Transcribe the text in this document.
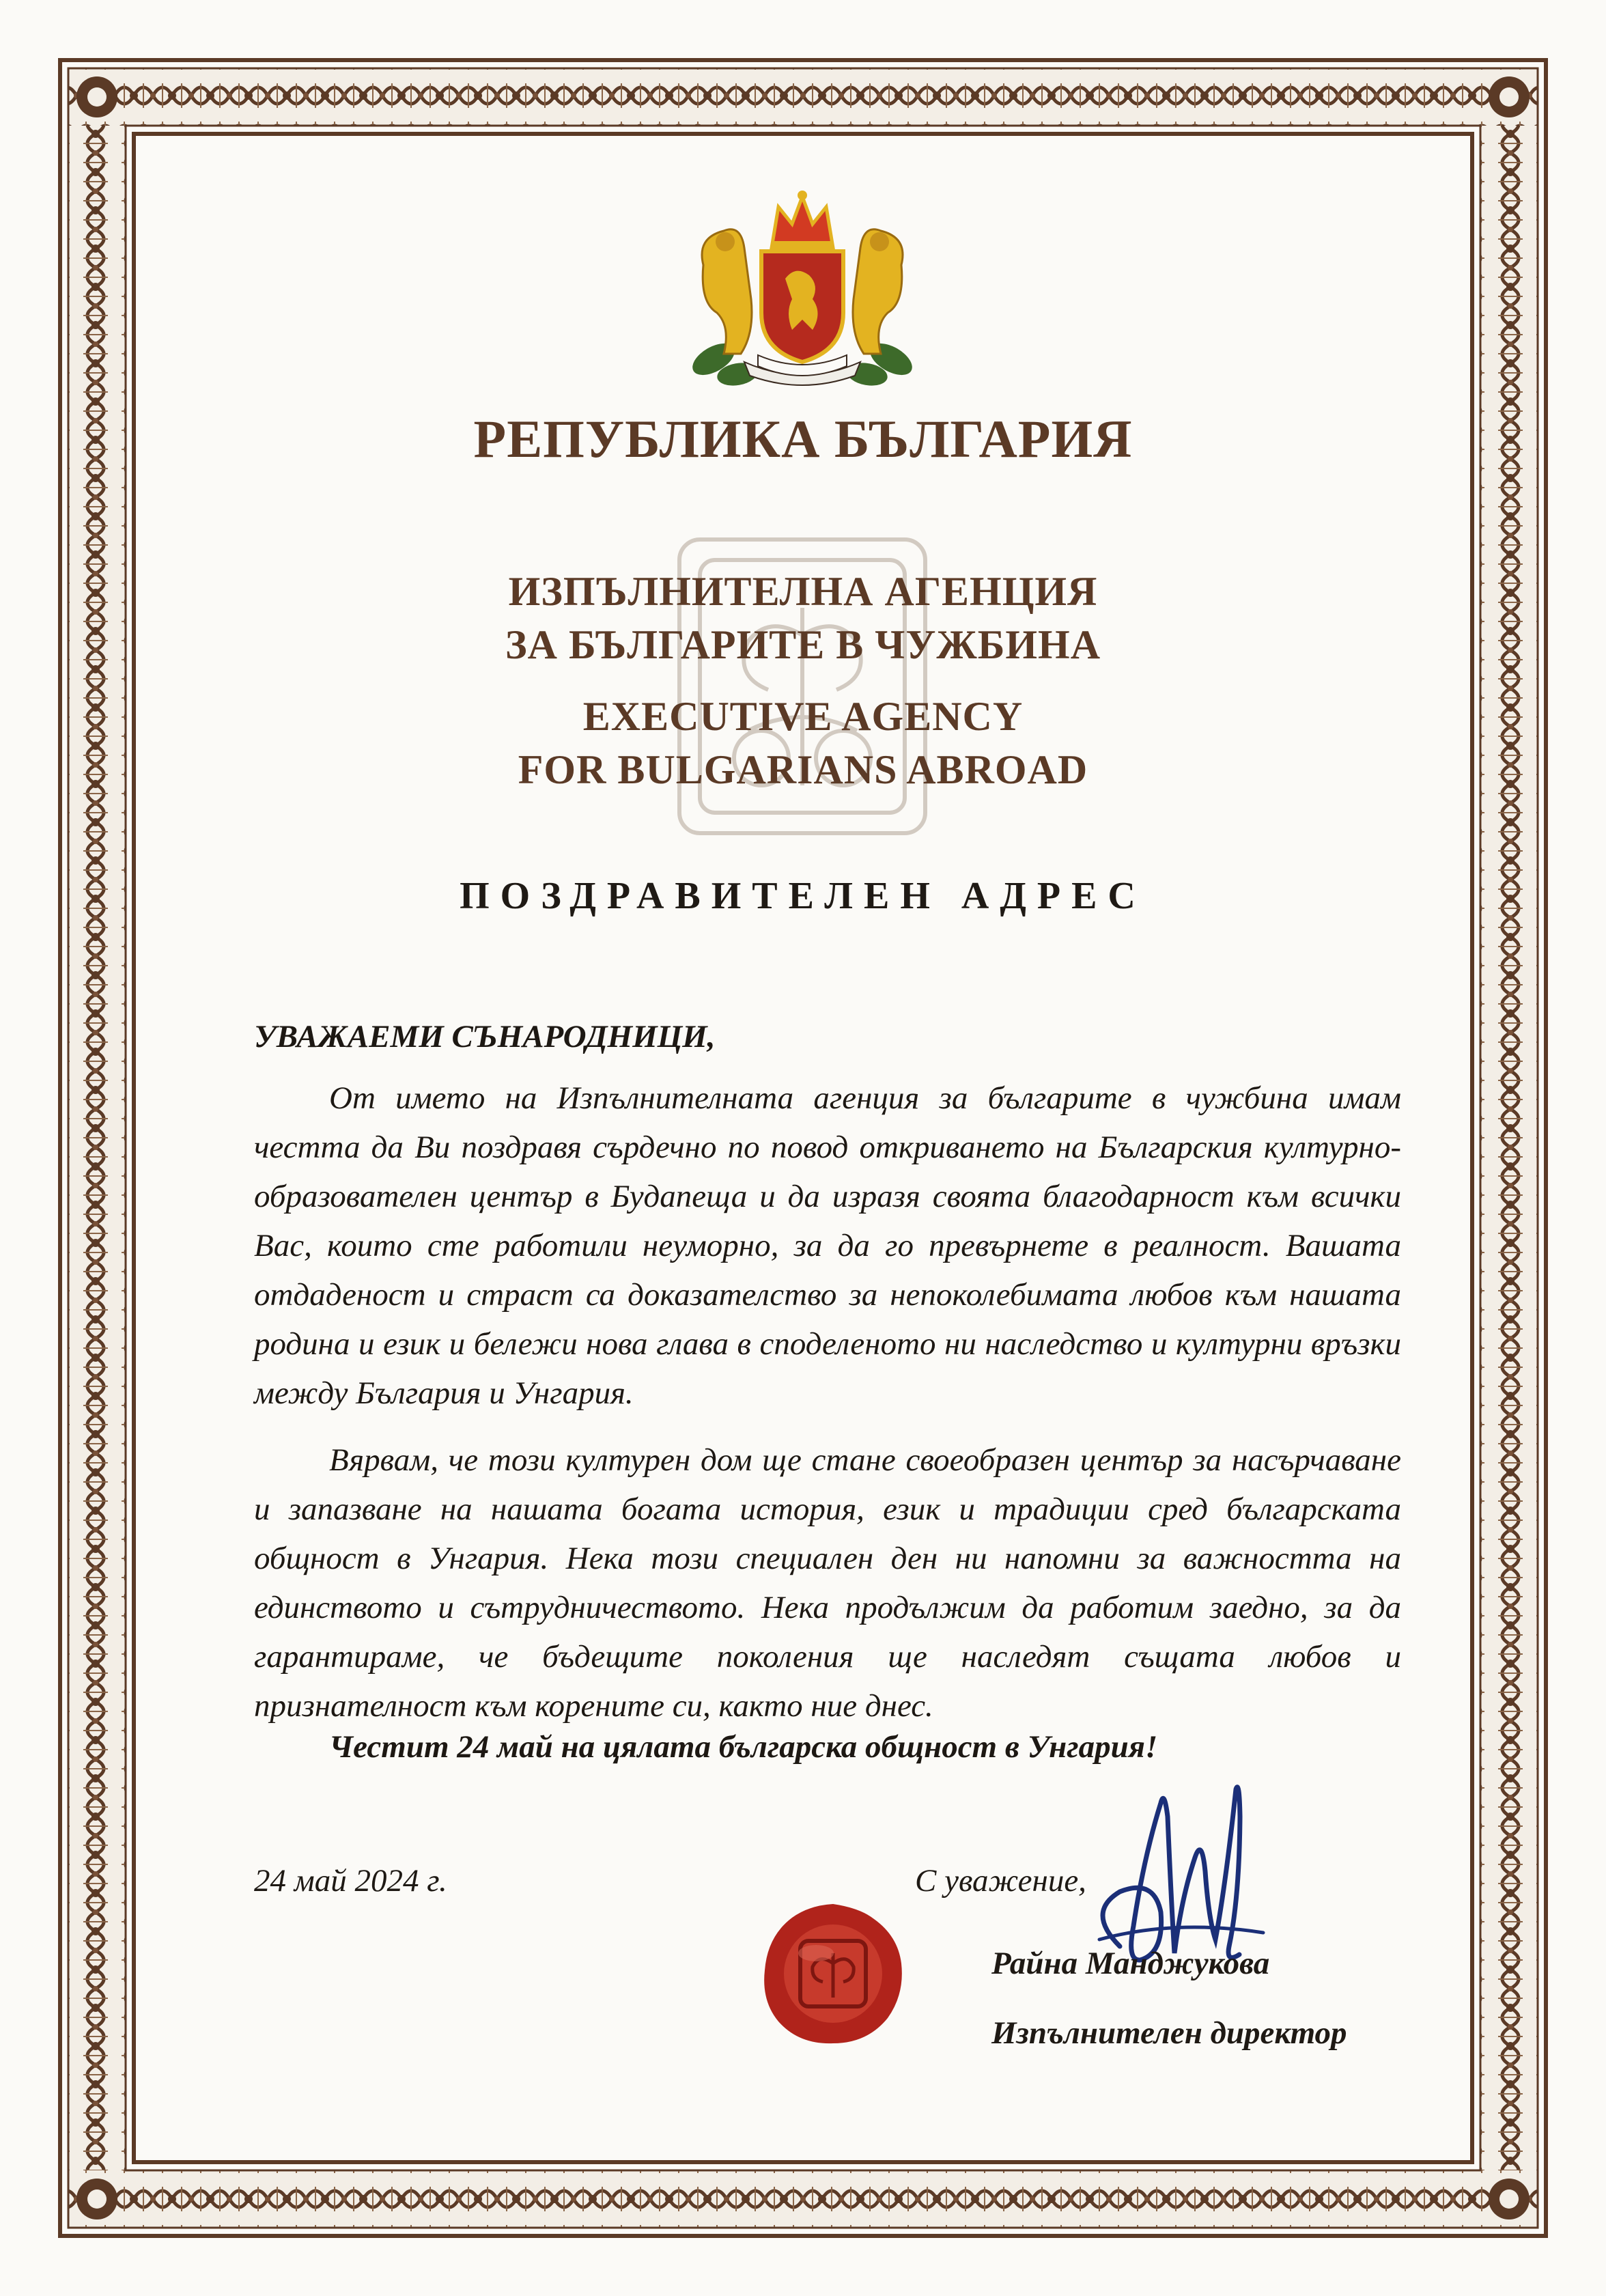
РЕПУБЛИКА БЪЛГАРИЯ
ИЗПЪЛНИТЕЛНА АГЕНЦИЯ
ЗА БЪЛГАРИТЕ В ЧУЖБИНА
EXECUTIVE AGENCY
FOR BULGARIANS ABROAD
ПОЗДРАВИТЕЛЕН АДРЕС
УВАЖАЕМИ СЪНАРОДНИЦИ,
От името на Изпълнителната агенция за българите в чужбина имам честта да Ви поздравя сърдечно по повод откриването на Българския културно-образователен център в Будапеща и да изразя своята благодарност към всички Вас, които сте работили неуморно, за да го превърнете в реалност. Вашата отдаденост и страст са доказателство за непоколебимата любов към нашата родина и език и бележи нова глава в споделеното ни наследство и културни връзки между България и Унгария.
Вярвам, че този културен дом ще стане своеобразен център за насърчаване и запазване на нашата богата история, език и традиции сред българската общност в Унгария. Нека този специален ден ни напомни за важността на единството и сътрудничеството. Нека продължим да работим заедно, за да гарантираме, че бъдещите поколения ще наследят същата любов и признателност към корените си, както ние днес.
Честит 24 май на цялата българска общност в Унгария!
24 май 2024 г.	С уважение,
Райна Манджукова
Изпълнителен директор
